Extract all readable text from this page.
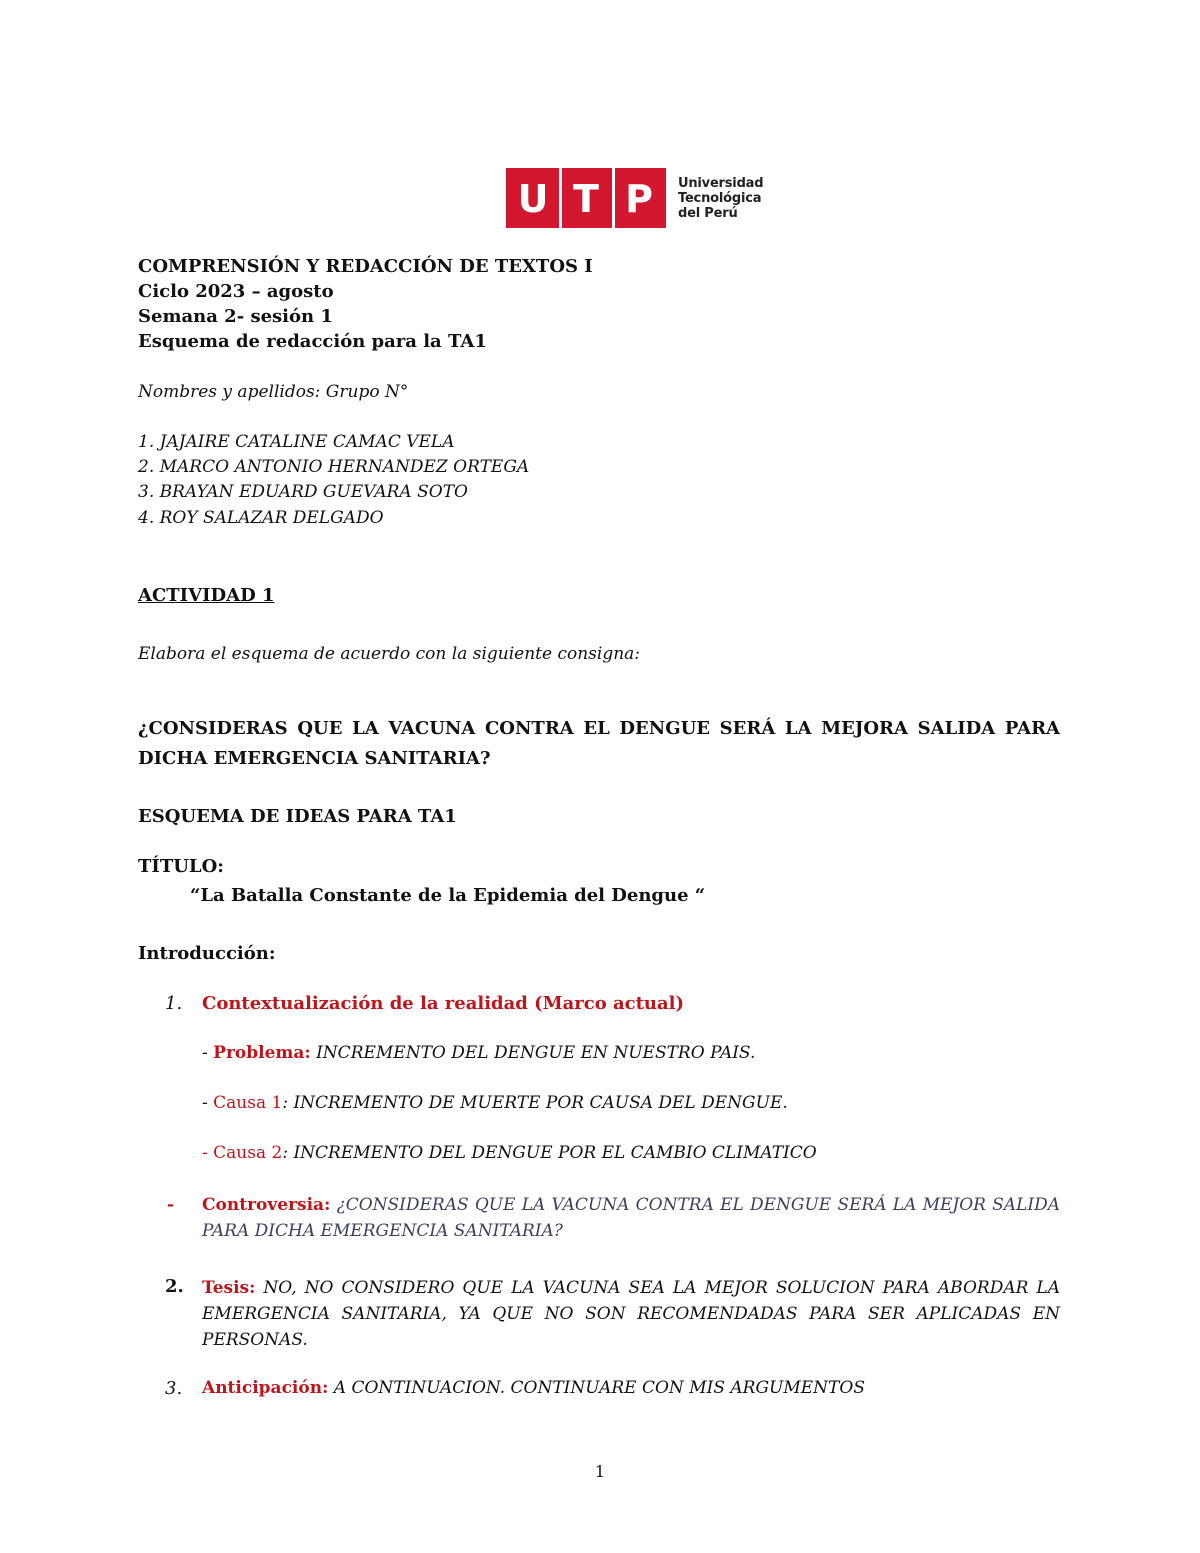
U T P Universidad
Tecnológica
del Perú
COMPRENSIÓN Y REDACCIÓN DE TEXTOS I
Ciclo 2023 – agosto
Semana 2- sesión 1
Esquema de redacción para la TA1
Nombres y apellidos: Grupo N°
1. JAJAIRE CATALINE CAMAC VELA
2. MARCO ANTONIO HERNANDEZ ORTEGA
3. BRAYAN EDUARD GUEVARA SOTO
4. ROY SALAZAR DELGADO
ACTIVIDAD 1
Elabora el esquema de acuerdo con la siguiente consigna:
¿CONSIDERAS QUE LA VACUNA CONTRA EL DENGUE SERÁ LA MEJORA SALIDA PARA DICHA EMERGENCIA SANITARIA?
ESQUEMA DE IDEAS PARA TA1
TÍTULO:
“La Batalla Constante de la Epidemia del Dengue “
Introducción:
1. Contextualización de la realidad (Marco actual)
- Problema: INCREMENTO DEL DENGUE EN NUESTRO PAIS.
- Causa 1: INCREMENTO DE MUERTE POR CAUSA DEL DENGUE.
- Causa 2: INCREMENTO DEL DENGUE POR EL CAMBIO CLIMATICO
- Controversia: ¿CONSIDERAS QUE LA VACUNA CONTRA EL DENGUE SERÁ LA MEJOR SALIDA PARA DICHA EMERGENCIA SANITARIA?
2. Tesis: NO, NO CONSIDERO QUE LA VACUNA SEA LA MEJOR SOLUCION PARA ABORDAR LA EMERGENCIA SANITARIA, YA QUE NO SON RECOMENDADAS PARA SER APLICADAS EN PERSONAS.
3. Anticipación: A CONTINUACION. CONTINUARE CON MIS ARGUMENTOS
1
